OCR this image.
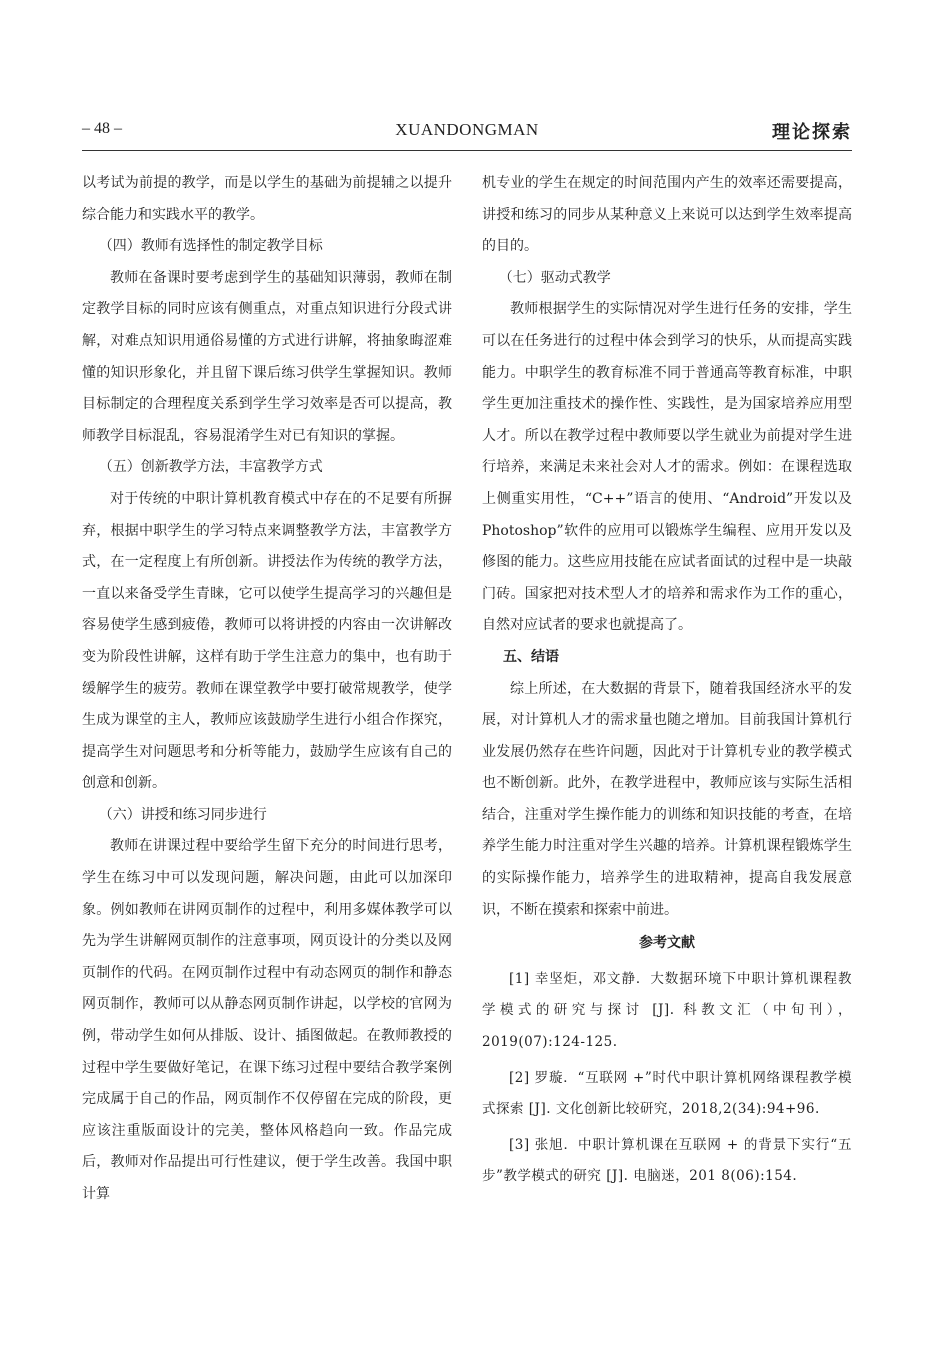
– 48 –	XUANDONGMAN	理论探索

以考试为前提的教学，而是以学生的基础为前提辅之以提升综合能力和实践水平的教学。

（四）教师有选择性的制定教学目标

教师在备课时要考虑到学生的基础知识薄弱，教师在制定教学目标的同时应该有侧重点，对重点知识进行分段式讲解，对难点知识用通俗易懂的方式进行讲解，将抽象晦涩难懂的知识形象化，并且留下课后练习供学生掌握知识。教师目标制定的合理程度关系到学生学习效率是否可以提高，教师教学目标混乱，容易混淆学生对已有知识的掌握。

（五）创新教学方法，丰富教学方式

对于传统的中职计算机教育模式中存在的不足要有所摒弃，根据中职学生的学习特点来调整教学方法，丰富教学方式，在一定程度上有所创新。讲授法作为传统的教学方法，一直以来备受学生青睐，它可以使学生提高学习的兴趣但是容易使学生感到疲倦，教师可以将讲授的内容由一次讲解改变为阶段性讲解，这样有助于学生注意力的集中，也有助于缓解学生的疲劳。教师在课堂教学中要打破常规教学，使学生成为课堂的主人，教师应该鼓励学生进行小组合作探究，提高学生对问题思考和分析等能力，鼓励学生应该有自己的创意和创新。

（六）讲授和练习同步进行

教师在讲课过程中要给学生留下充分的时间进行思考，学生在练习中可以发现问题，解决问题，由此可以加深印象。例如教师在讲网页制作的过程中，利用多媒体教学可以先为学生讲解网页制作的注意事项，网页设计的分类以及网页制作的代码。在网页制作过程中有动态网页的制作和静态网页制作，教师可以从静态网页制作讲起，以学校的官网为例，带动学生如何从排版、设计、插图做起。在教师教授的过程中学生要做好笔记，在课下练习过程中要结合教学案例完成属于自己的作品，网页制作不仅停留在完成的阶段，更应该注重版面设计的完美，整体风格趋向一致。作品完成后，教师对作品提出可行性建议，便于学生改善。我国中职计算

机专业的学生在规定的时间范围内产生的效率还需要提高，讲授和练习的同步从某种意义上来说可以达到学生效率提高的目的。

（七）驱动式教学

教师根据学生的实际情况对学生进行任务的安排，学生可以在任务进行的过程中体会到学习的快乐，从而提高实践能力。中职学生的教育标准不同于普通高等教育标准，中职学生更加注重技术的操作性、实践性，是为国家培养应用型人才。所以在教学过程中教师要以学生就业为前提对学生进行培养，来满足未来社会对人才的需求。例如：在课程选取上侧重实用性，“C++”语言的使用、“Android”开发以及 Photoshop”软件的应用可以锻炼学生编程、应用开发以及修图的能力。这些应用技能在应试者面试的过程中是一块敲门砖。国家把对技术型人才的培养和需求作为工作的重心，自然对应试者的要求也就提高了。

五、结语

综上所述，在大数据的背景下，随着我国经济水平的发展，对计算机人才的需求量也随之增加。目前我国计算机行业发展仍然存在些许问题，因此对于计算机专业的教学模式也不断创新。此外，在教学进程中，教师应该与实际生活相结合，注重对学生操作能力的训练和知识技能的考查，在培养学生能力时注重对学生兴趣的培养。计算机课程锻炼学生的实际操作能力，培养学生的进取精神，提高自我发展意识，不断在摸索和探索中前进。

参考文献

[1] 幸坚炬，邓文静．大数据环境下中职计算机课程教学模式的研究与探讨 [J]. 科教文汇（中旬刊），2019(07):124-125.

[2] 罗璇．“互联网 +”时代中职计算机网络课程教学模式探索 [J]. 文化创新比较研究，2018,2(34):94+96.

[3] 张旭．中职计算机课在互联网 + 的背景下实行“五步”教学模式的研究 [J]. 电脑迷，201 8(06):154.
